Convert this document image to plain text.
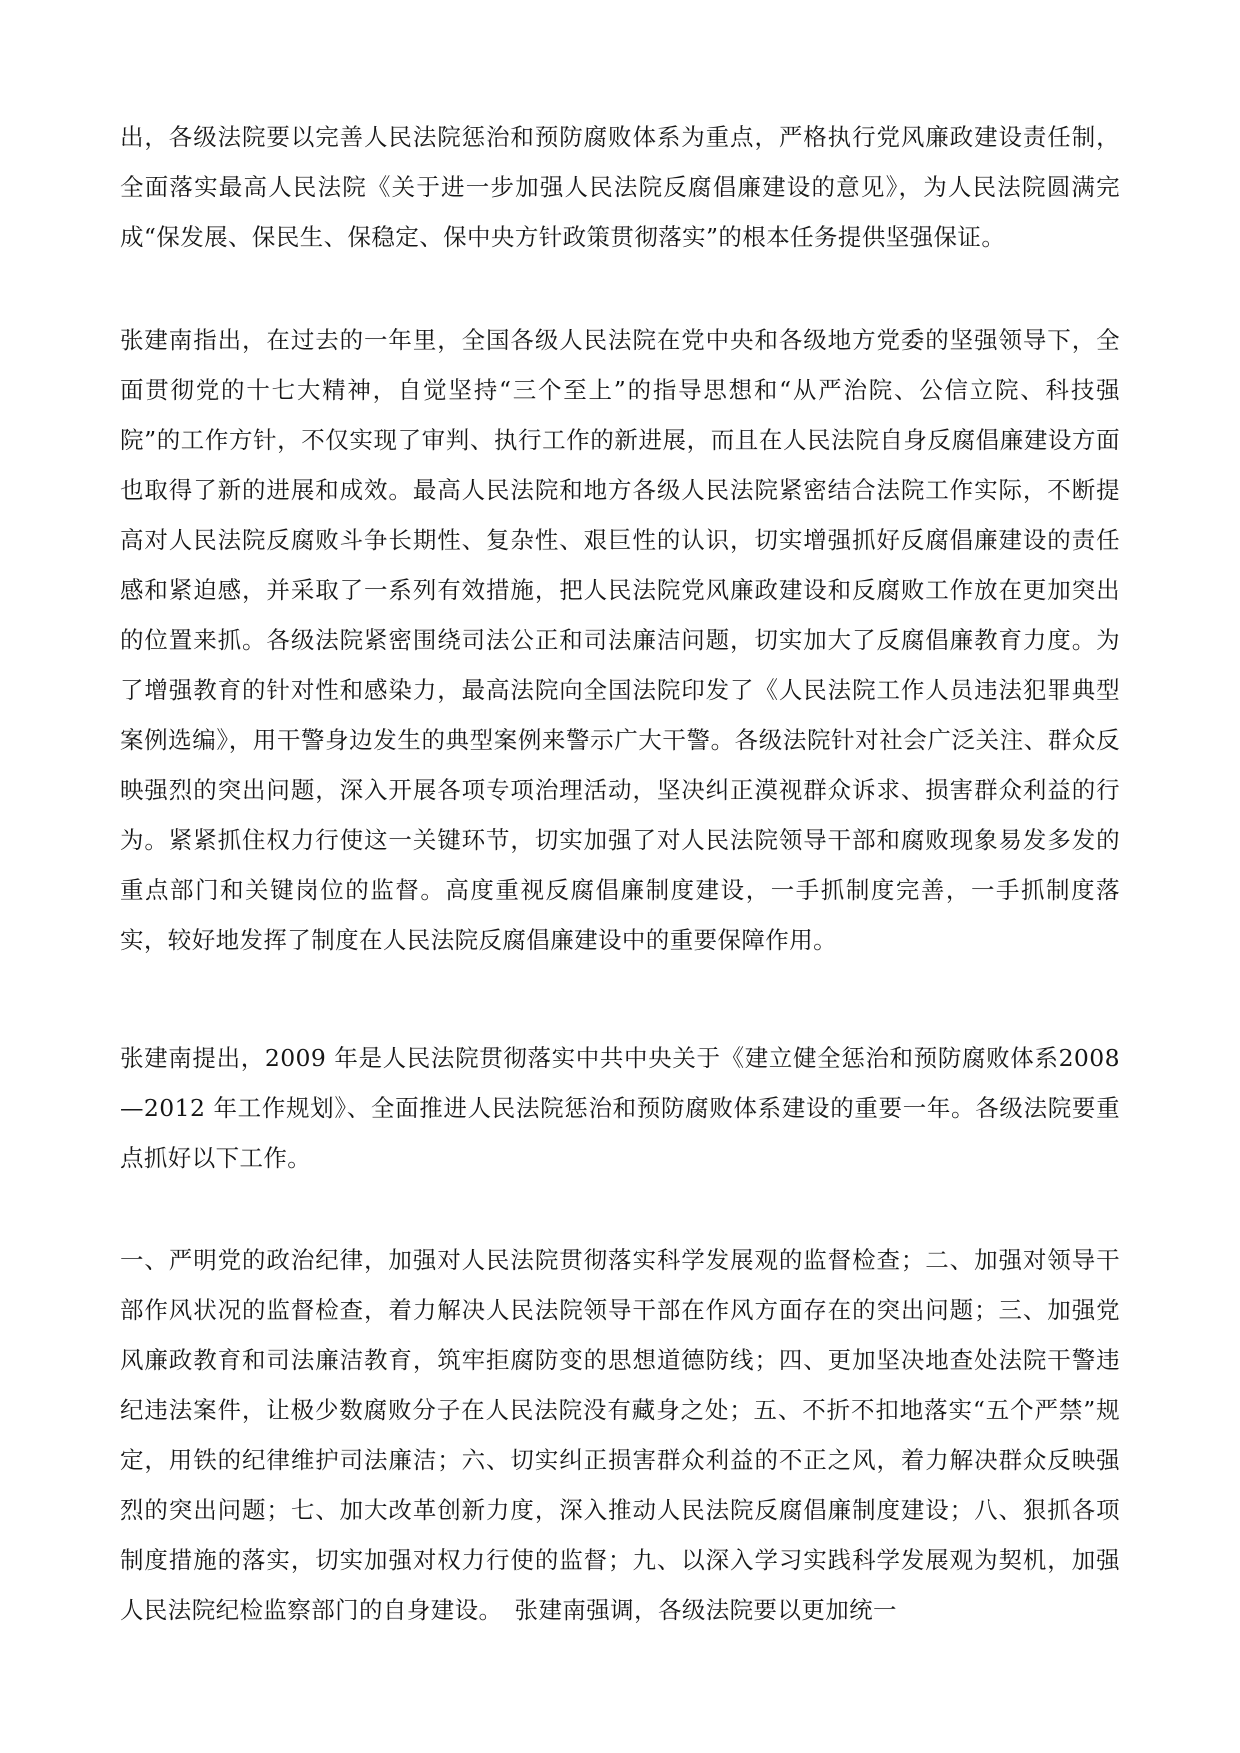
出，各级法院要以完善人民法院惩治和预防腐败体系为重点，严格执行党风廉政建设责任制，全面落实最高人民法院《关于进一步加强人民法院反腐倡廉建设的意见》，为人民法院圆满完成“保发展、保民生、保稳定、保中央方针政策贯彻落实”的根本任务提供坚强保证。

张建南指出，在过去的一年里，全国各级人民法院在党中央和各级地方党委的坚强领导下，全面贯彻党的十七大精神，自觉坚持“三个至上”的指导思想和“从严治院、公信立院、科技强院”的工作方针，不仅实现了审判、执行工作的新进展，而且在人民法院自身反腐倡廉建设方面也取得了新的进展和成效。最高人民法院和地方各级人民法院紧密结合法院工作实际，不断提高对人民法院反腐败斗争长期性、复杂性、艰巨性的认识，切实增强抓好反腐倡廉建设的责任感和紧迫感，并采取了一系列有效措施，把人民法院党风廉政建设和反腐败工作放在更加突出的位置来抓。各级法院紧密围绕司法公正和司法廉洁问题，切实加大了反腐倡廉教育力度。为了增强教育的针对性和感染力，最高法院向全国法院印发了《人民法院工作人员违法犯罪典型案例选编》，用干警身边发生的典型案例来警示广大干警。各级法院针对社会广泛关注、群众反映强烈的突出问题，深入开展各项专项治理活动，坚决纠正漠视群众诉求、损害群众利益的行为。紧紧抓住权力行使这一关键环节，切实加强了对人民法院领导干部和腐败现象易发多发的重点部门和关键岗位的监督。高度重视反腐倡廉制度建设，一手抓制度完善，一手抓制度落实，较好地发挥了制度在人民法院反腐倡廉建设中的重要保障作用。

张建南提出，2009 年是人民法院贯彻落实中共中央关于《建立健全惩治和预防腐败体系2008—2012 年工作规划》、全面推进人民法院惩治和预防腐败体系建设的重要一年。各级法院要重点抓好以下工作。

一、严明党的政治纪律，加强对人民法院贯彻落实科学发展观的监督检查；二、加强对领导干部作风状况的监督检查，着力解决人民法院领导干部在作风方面存在的突出问题；三、加强党风廉政教育和司法廉洁教育，筑牢拒腐防变的思想道德防线；四、更加坚决地查处法院干警违纪违法案件，让极少数腐败分子在人民法院没有藏身之处；五、不折不扣地落实“五个严禁”规定，用铁的纪律维护司法廉洁；六、切实纠正损害群众利益的不正之风，着力解决群众反映强烈的突出问题；七、加大改革创新力度，深入推动人民法院反腐倡廉制度建设；八、狠抓各项制度措施的落实，切实加强对权力行使的监督；九、以深入学习实践科学发展观为契机，加强人民法院纪检监察部门的自身建设。　张建南强调，各级法院要以更加统一
